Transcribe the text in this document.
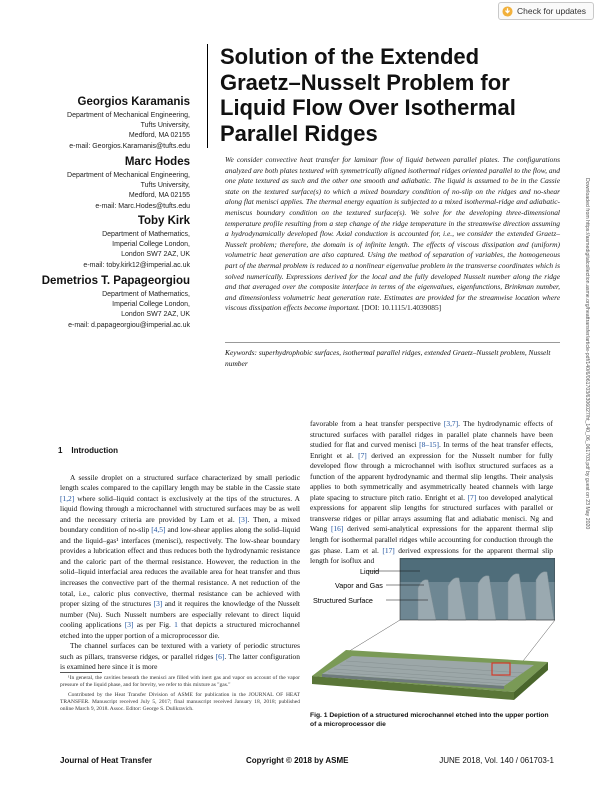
Check for updates
Solution of the Extended Graetz–Nusselt Problem for Liquid Flow Over Isothermal Parallel Ridges
Georgios Karamanis
Department of Mechanical Engineering,
Tufts University,
Medford, MA 02155
e-mail: Georgios.Karamanis@tufts.edu
Marc Hodes
Department of Mechanical Engineering,
Tufts University,
Medford, MA 02155
e-mail: Marc.Hodes@tufts.edu
Toby Kirk
Department of Mathematics,
Imperial College London,
London SW7 2AZ, UK
e-mail: toby.kirk12@imperial.ac.uk
Demetrios T. Papageorgiou
Department of Mathematics,
Imperial College London,
London SW7 2AZ, UK
e-mail: d.papageorgiou@imperial.ac.uk
We consider convective heat transfer for laminar flow of liquid between parallel plates. The configurations analyzed are both plates textured with symmetrically aligned isothermal ridges oriented parallel to the flow, and one plate textured as such and the other one smooth and adiabatic. The liquid is assumed to be in the Cassie state on the textured surface(s) to which a mixed boundary condition of no-slip on the ridges and no-shear along flat menisci applies. The thermal energy equation is subjected to a mixed isothermal-ridge and adiabatic-meniscus boundary condition on the textured surface(s). We solve for the developing three-dimensional temperature profile resulting from a step change of the ridge temperature in the streamwise direction assuming a hydrodynamically developed flow. Axial conduction is accounted for, i.e., we consider the extended Graetz–Nusselt problem; therefore, the domain is of infinite length. The effects of viscous dissipation and (uniform) volumetric heat generation are also captured. Using the method of separation of variables, the homogeneous part of the thermal problem is reduced to a nonlinear eigenvalue problem in the transverse coordinates which is solved numerically. Expressions derived for the local and the fully developed Nusselt number along the ridge and that averaged over the composite interface in terms of the eigenvalues, eigenfunctions, Brinkman number, and dimensionless volumetric heat generation rate. Estimates are provided for the streamwise location where viscous dissipation effects become important. [DOI: 10.1115/1.4039085]
Keywords: superhydrophobic surfaces, isothermal parallel ridges, extended Graetz–Nusselt problem, Nusselt number	Downloaded from https://asmedigitalcollection.asme.org/heattransfer/article-pdf/140/6/061703/6306027/ht_140_06_061703.pdf by guest on 23 May 2020
1 Introduction

A sessile droplet on a structured surface characterized by small periodic length scales compared to the capillary length may be stable in the Cassie state [1,2] where solid–liquid contact is exclusively at the tips of the structures. A liquid flowing through a microchannel with structured surfaces may be as well and the necessary criteria are provided by Lam et al. [3]. Then, a mixed boundary condition of no-slip [4,5] and low-shear applies along the solid–liquid and the liquid–gas¹ interfaces (menisci), respectively. The low-shear boundary provides a lubrication effect and thus reduces both the hydrodynamic resistance and the caloric part of the thermal resistance. However, the reduction in the solid–liquid interfacial area reduces the available area for heat transfer and thus increases the convective part of the thermal resistance. A net reduction of the total, i.e., caloric plus convective, thermal resistance can be achieved with proper sizing of the structures [3] and it requires the knowledge of the Nusselt number (Nu). Such Nusselt numbers are especially relevant to direct liquid cooling applications [3] as per Fig. 1 that depicts a structured microchannel etched into the upper portion of a microprocessor die.

The channel surfaces can be textured with a variety of periodic structures such as pillars, transverse ridges, or parallel ridges [6]. The latter configuration is examined here since it is more

favorable from a heat transfer perspective [3,7]. The hydrodynamic effects of structured surfaces with parallel ridges in parallel plate channels have been studied for flat and curved menisci [8–15]. In terms of the heat transfer effects, Enright et al. [7] derived an expression for the Nusselt number for fully developed flow through a microchannel with isoflux structured surfaces as a function of the apparent hydrodynamic and thermal slip lengths. Their analysis applies to both symmetrically and asymmetrically heated channels with large plate spacing to structure pitch ratio. Enright et al. [7] too developed analytical expressions for apparent slip lengths for structured surfaces with parallel or transverse ridges or pillar arrays assuming flat and adiabatic menisci. Ng and Wang [16] derived semi-analytical expressions for the apparent thermal slip length for isothermal parallel ridges while accounting for conduction through the gas phase. Lam et al. [17] derived expressions for the apparent thermal slip length for isoflux and

¹In general, the cavities beneath the menisci are filled with inert gas and vapor on account of the vapor pressure of the liquid phase, and for brevity, we refer to this mixture as "gas."

Contributed by the Heat Transfer Division of ASME for publication in the JOURNAL OF HEAT TRANSFER. Manuscript received July 5, 2017; final manuscript received January 18, 2018; published online March 9, 2018. Assoc. Editor: George S. Dulikravich.

Liquid
Vapor and Gas
Structured Surface
Fig. 1 Depiction of a structured microchannel etched into the upper portion of a microprocessor die
Journal of Heat Transfer	Copyright © 2018 by ASME	JUNE 2018, Vol. 140 / 061703-1
